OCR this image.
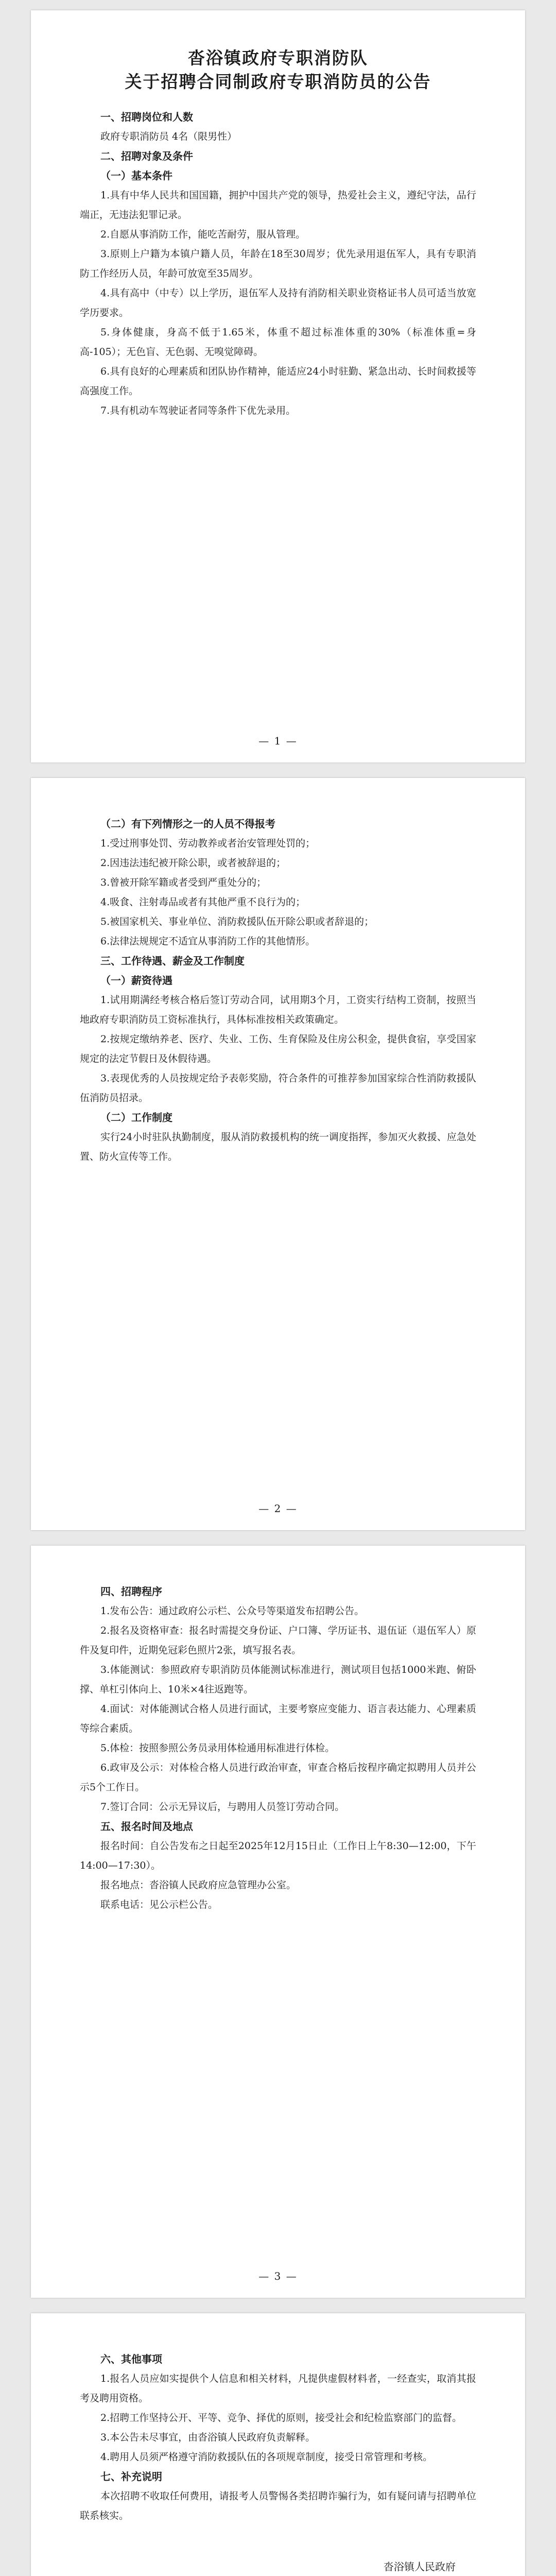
沓浴镇政府专职消防队
关于招聘合同制政府专职消防员的公告
一、招聘岗位和人数
政府专职消防员 4名（限男性）
二、招聘对象及条件
（一）基本条件
1.具有中华人民共和国国籍，拥护中国共产党的领导，热爱社会主义，遵纪守法，品行端正，无违法犯罪记录。
2.自愿从事消防工作，能吃苦耐劳，服从管理。
3.原则上户籍为本镇户籍人员，年龄在18至30周岁；优先录用退伍军人，具有专职消防工作经历人员，年龄可放宽至35周岁。
4.具有高中（中专）以上学历，退伍军人及持有消防相关职业资格证书人员可适当放宽学历要求。
5.身体健康，身高不低于1.65米，体重不超过标准体重的30%（标准体重=身高-105）；无色盲、无色弱、无嗅觉障碍。
6.具有良好的心理素质和团队协作精神，能适应24小时驻勤、紧急出动、长时间救援等高强度工作。
7.具有机动车驾驶证者同等条件下优先录用。
— 1 —
（二）有下列情形之一的人员不得报考
1.受过刑事处罚、劳动教养或者治安管理处罚的；
2.因违法违纪被开除公职，或者被辞退的；
3.曾被开除军籍或者受到严重处分的；
4.吸食、注射毒品或者有其他严重不良行为的；
5.被国家机关、事业单位、消防救援队伍开除公职或者辞退的；
6.法律法规规定不适宜从事消防工作的其他情形。
三、工作待遇、薪金及工作制度
（一）薪资待遇
1.试用期满经考核合格后签订劳动合同，试用期3个月，工资实行结构工资制，按照当地政府专职消防员工资标准执行，具体标准按相关政策确定。
2.按规定缴纳养老、医疗、失业、工伤、生育保险及住房公积金，提供食宿，享受国家规定的法定节假日及休假待遇。
3.表现优秀的人员按规定给予表彰奖励，符合条件的可推荐参加国家综合性消防救援队伍消防员招录。
（二）工作制度
实行24小时驻队执勤制度，服从消防救援机构的统一调度指挥，参加灭火救援、应急处置、防火宣传等工作。
— 2 —
四、招聘程序
1.发布公告：通过政府公示栏、公众号等渠道发布招聘公告。
2.报名及资格审查：报名时需提交身份证、户口簿、学历证书、退伍证（退伍军人）原件及复印件，近期免冠彩色照片2张，填写报名表。
3.体能测试：参照政府专职消防员体能测试标准进行，测试项目包括1000米跑、俯卧撑、单杠引体向上、10米×4往返跑等。
4.面试：对体能测试合格人员进行面试，主要考察应变能力、语言表达能力、心理素质等综合素质。
5.体检：按照参照公务员录用体检通用标准进行体检。
6.政审及公示：对体检合格人员进行政治审查，审查合格后按程序确定拟聘用人员并公示5个工作日。
7.签订合同：公示无异议后，与聘用人员签订劳动合同。
五、报名时间及地点
报名时间：自公告发布之日起至2025年12月15日止（工作日上午8:30—12:00，下午14:00—17:30）。
报名地点：沓浴镇人民政府应急管理办公室。
联系电话：见公示栏公告。
— 3 —
六、其他事项
1.报名人员应如实提供个人信息和相关材料，凡提供虚假材料者，一经查实，取消其报考及聘用资格。
2.招聘工作坚持公开、平等、竞争、择优的原则，接受社会和纪检监察部门的监督。
3.本公告未尽事宜，由沓浴镇人民政府负责解释。
4.聘用人员须严格遵守消防救援队伍的各项规章制度，接受日常管理和考核。
七、补充说明
本次招聘不收取任何费用，请报考人员警惕各类招聘诈骗行为，如有疑问请与招聘单位联系核实。
沓浴镇人民政府
